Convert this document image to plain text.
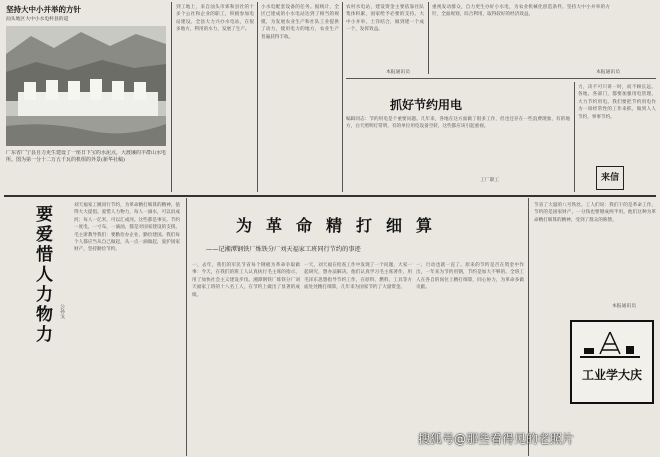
坚持大中小并举的方针
汕头地区大中小水电杯县的道
广东省广宁县自力更生建设了一座日下宝的水泥点，大渡廉的羊群山水电所。图为第一分十二万五千瓦的机组的外景(新华社稿)
到工地上，来自汕头市郊和县社的十多个公社和企业的职工，积极参加电站建设。全县大力兴办水电站，在很多地方，利用的水力，发展了生产。
小水电配套设备的任务。据统计，全区已建成的小水电站达到了相当的规模，为发展农业生产和社队工业提供了动力，使用电力的地方，农业生产普遍获得丰收。
农村水电站，建设资金主要依靠社队集体积累，国家给予必要的支持。大中小并举，土洋结合，做到建一个成一个，发挥效益。
本报通讯员
重视发动群众，自力更生办好小水电，为农业机械化创造条件。坚持大中小并举的方针，全面规划，综合利用，取得较好的经济效益。
本报通讯员
抓好节约用电
编辑同志：节约用电是个重要问题。几年来，各地在这方面做了很多工作，但也还存在一些浪费现象，有的地方，白天照明灯常明，有的单位用电设备空转，这些都应该引起重视。
工厂职工
力，决不可只讲一时，而不顾长远。各地、各部门，都要加强用电管理，大力节约用电。我们要把节约用电作为一项经常性的工作来抓，做到人人节约，事事节约。
来信
要爱惜人力物力	公孙戈
刘天福家工姚同行节约，为革命精打细算的精神，值得大大提倡。爱惜人力物力，每人一滴水，可以涓成河；每人一亿米，可以汇成河。这些都是事实。节约一度电，一寸布，一滴油，都是对国家建设的支援。毛主席教导我们：要勤俭办企业，勤俭建国。我们每个人都应当从自己做起，从一点一滴做起，爱护国家财产，坚持勤俭节约。
为革命精打细算
——记湘潭钢铁厂炼铁分厂刘天福家工班同行节约的事迹
一、去年，我们的军民节省每个钢板为革命争取做事：今天，在我们的班工人认真执行毛主席的指示，用了加快社会主义建设步伐。湘潭钢铁厂炼铁分厂刘天福家工班的十八名工人，在节约上做出了显著的成绩。
一天，刘天福在检查工作中发现了一个问题，大家一起研究，想办法解决。他们认真学习毛主席著作，用毛泽东思想指导节约工作，在原料、燃料、工具等方面处处精打细算，几年来为国家节约了大量资金。
一，行动也就一直了。原来的节约是否在资金中作出，一年来为节约用钢，节约是加大不够的。全班工人在各自的岗位上精打细算，同心协力，为革命多做贡献。
节省了大量的八号铁丝。工人们说：我们干的是革命工作，节约的是国家财产，一分钱也要掰成两半用。他们这种为革命精打细算的精神，受到了群众的称赞。
本报通讯员
工业学大庆
搜狐号@那些看得见的老照片
